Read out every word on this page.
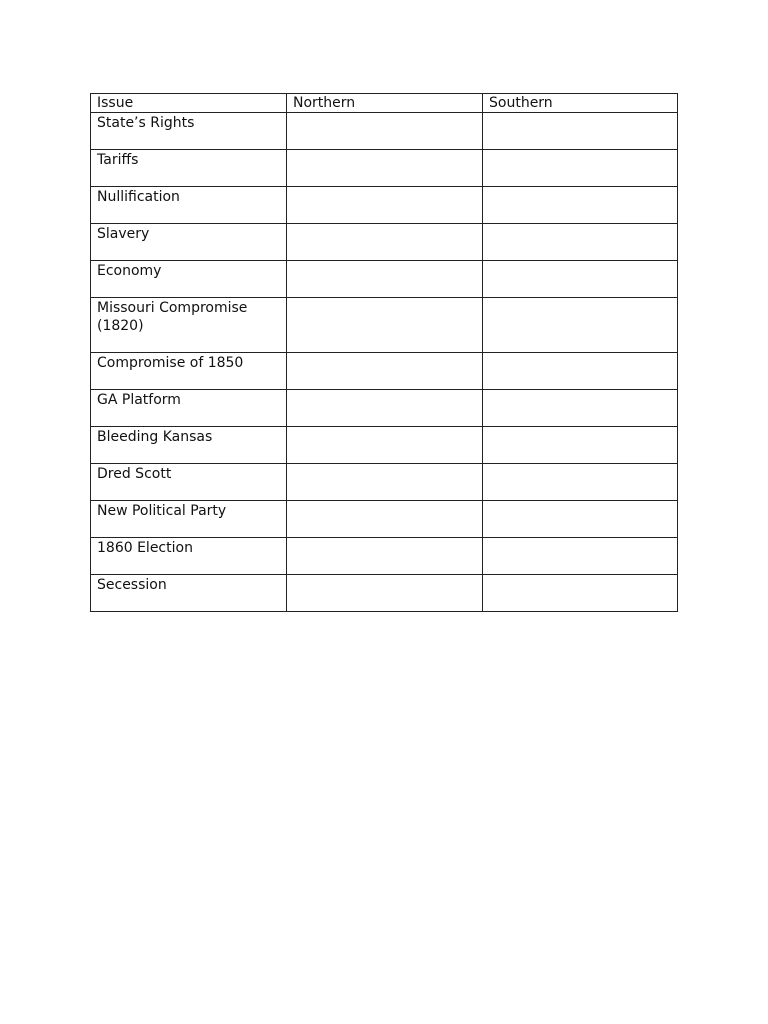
Issue	Northern	Southern
State’s Rights		
Tariffs		
Nullification		
Slavery		
Economy		
Missouri Compromise (1820)		
Compromise of 1850		
GA Platform		
Bleeding Kansas		
Dred Scott		
New Political Party		
1860 Election		
Secession		
